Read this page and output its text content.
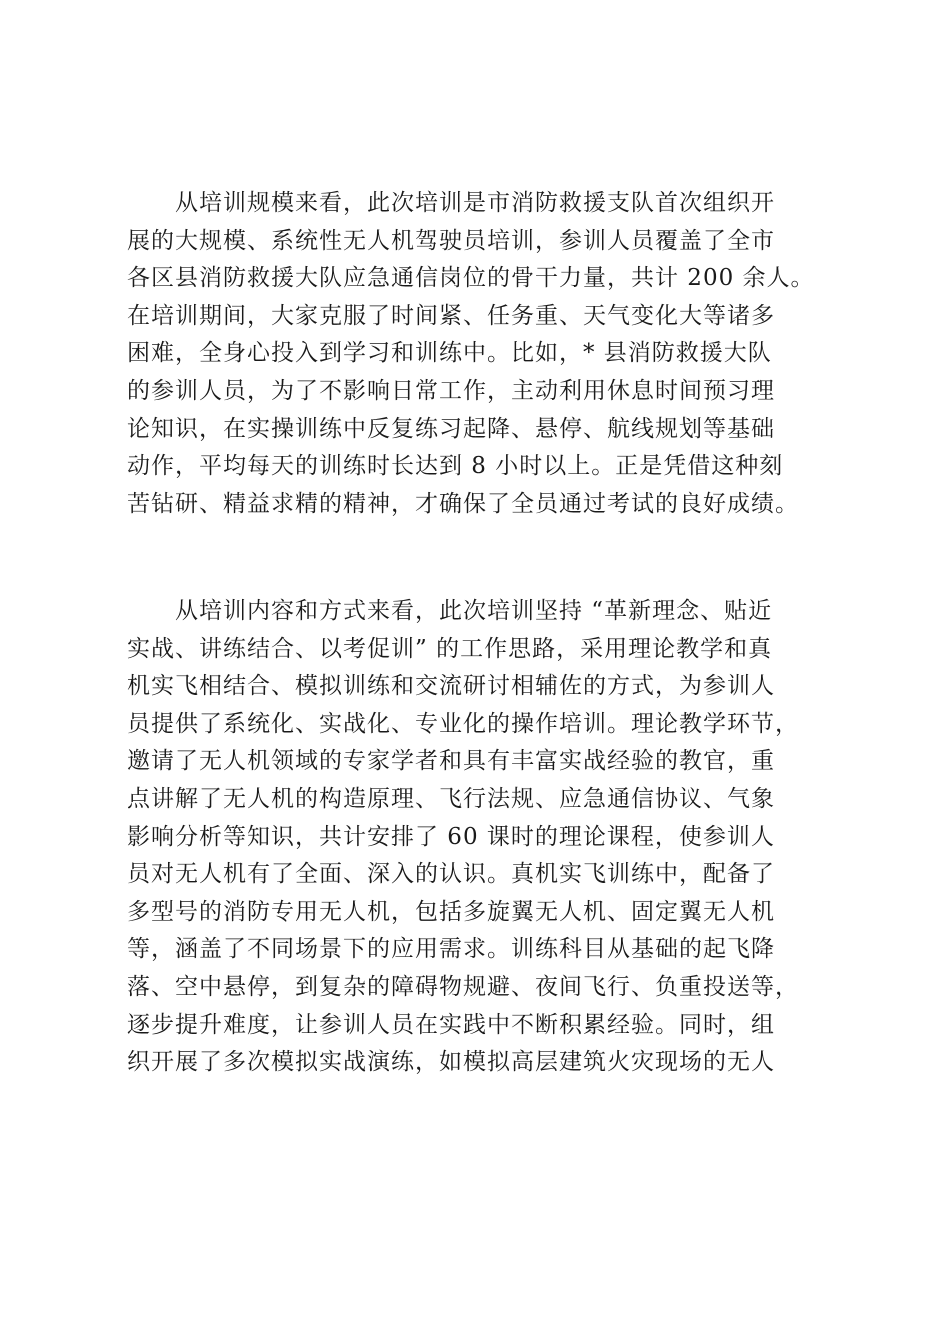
从培训规模来看，此次培训是市消防救援支队首次组织开
展的大规模、系统性无人机驾驶员培训，参训人员覆盖了全市
各区县消防救援大队应急通信岗位的骨干力量，共计 200 余人。
在培训期间，大家克服了时间紧、任务重、天气变化大等诸多
困难，全身心投入到学习和训练中。比如，* 县消防救援大队
的参训人员，为了不影响日常工作，主动利用休息时间预习理
论知识，在实操训练中反复练习起降、悬停、航线规划等基础
动作，平均每天的训练时长达到 8 小时以上。正是凭借这种刻
苦钻研、精益求精的精神，才确保了全员通过考试的良好成绩。
从培训内容和方式来看，此次培训坚持 “革新理念、贴近
实战、讲练结合、以考促训” 的工作思路，采用理论教学和真
机实飞相结合、模拟训练和交流研讨相辅佐的方式，为参训人
员提供了系统化、实战化、专业化的操作培训。理论教学环节，
邀请了无人机领域的专家学者和具有丰富实战经验的教官，重
点讲解了无人机的构造原理、飞行法规、应急通信协议、气象
影响分析等知识，共计安排了 60 课时的理论课程，使参训人
员对无人机有了全面、深入的认识。真机实飞训练中，配备了
多型号的消防专用无人机，包括多旋翼无人机、固定翼无人机
等，涵盖了不同场景下的应用需求。训练科目从基础的起飞降
落、空中悬停，到复杂的障碍物规避、夜间飞行、负重投送等，
逐步提升难度，让参训人员在实践中不断积累经验。同时，组
织开展了多次模拟实战演练，如模拟高层建筑火灾现场的无人
